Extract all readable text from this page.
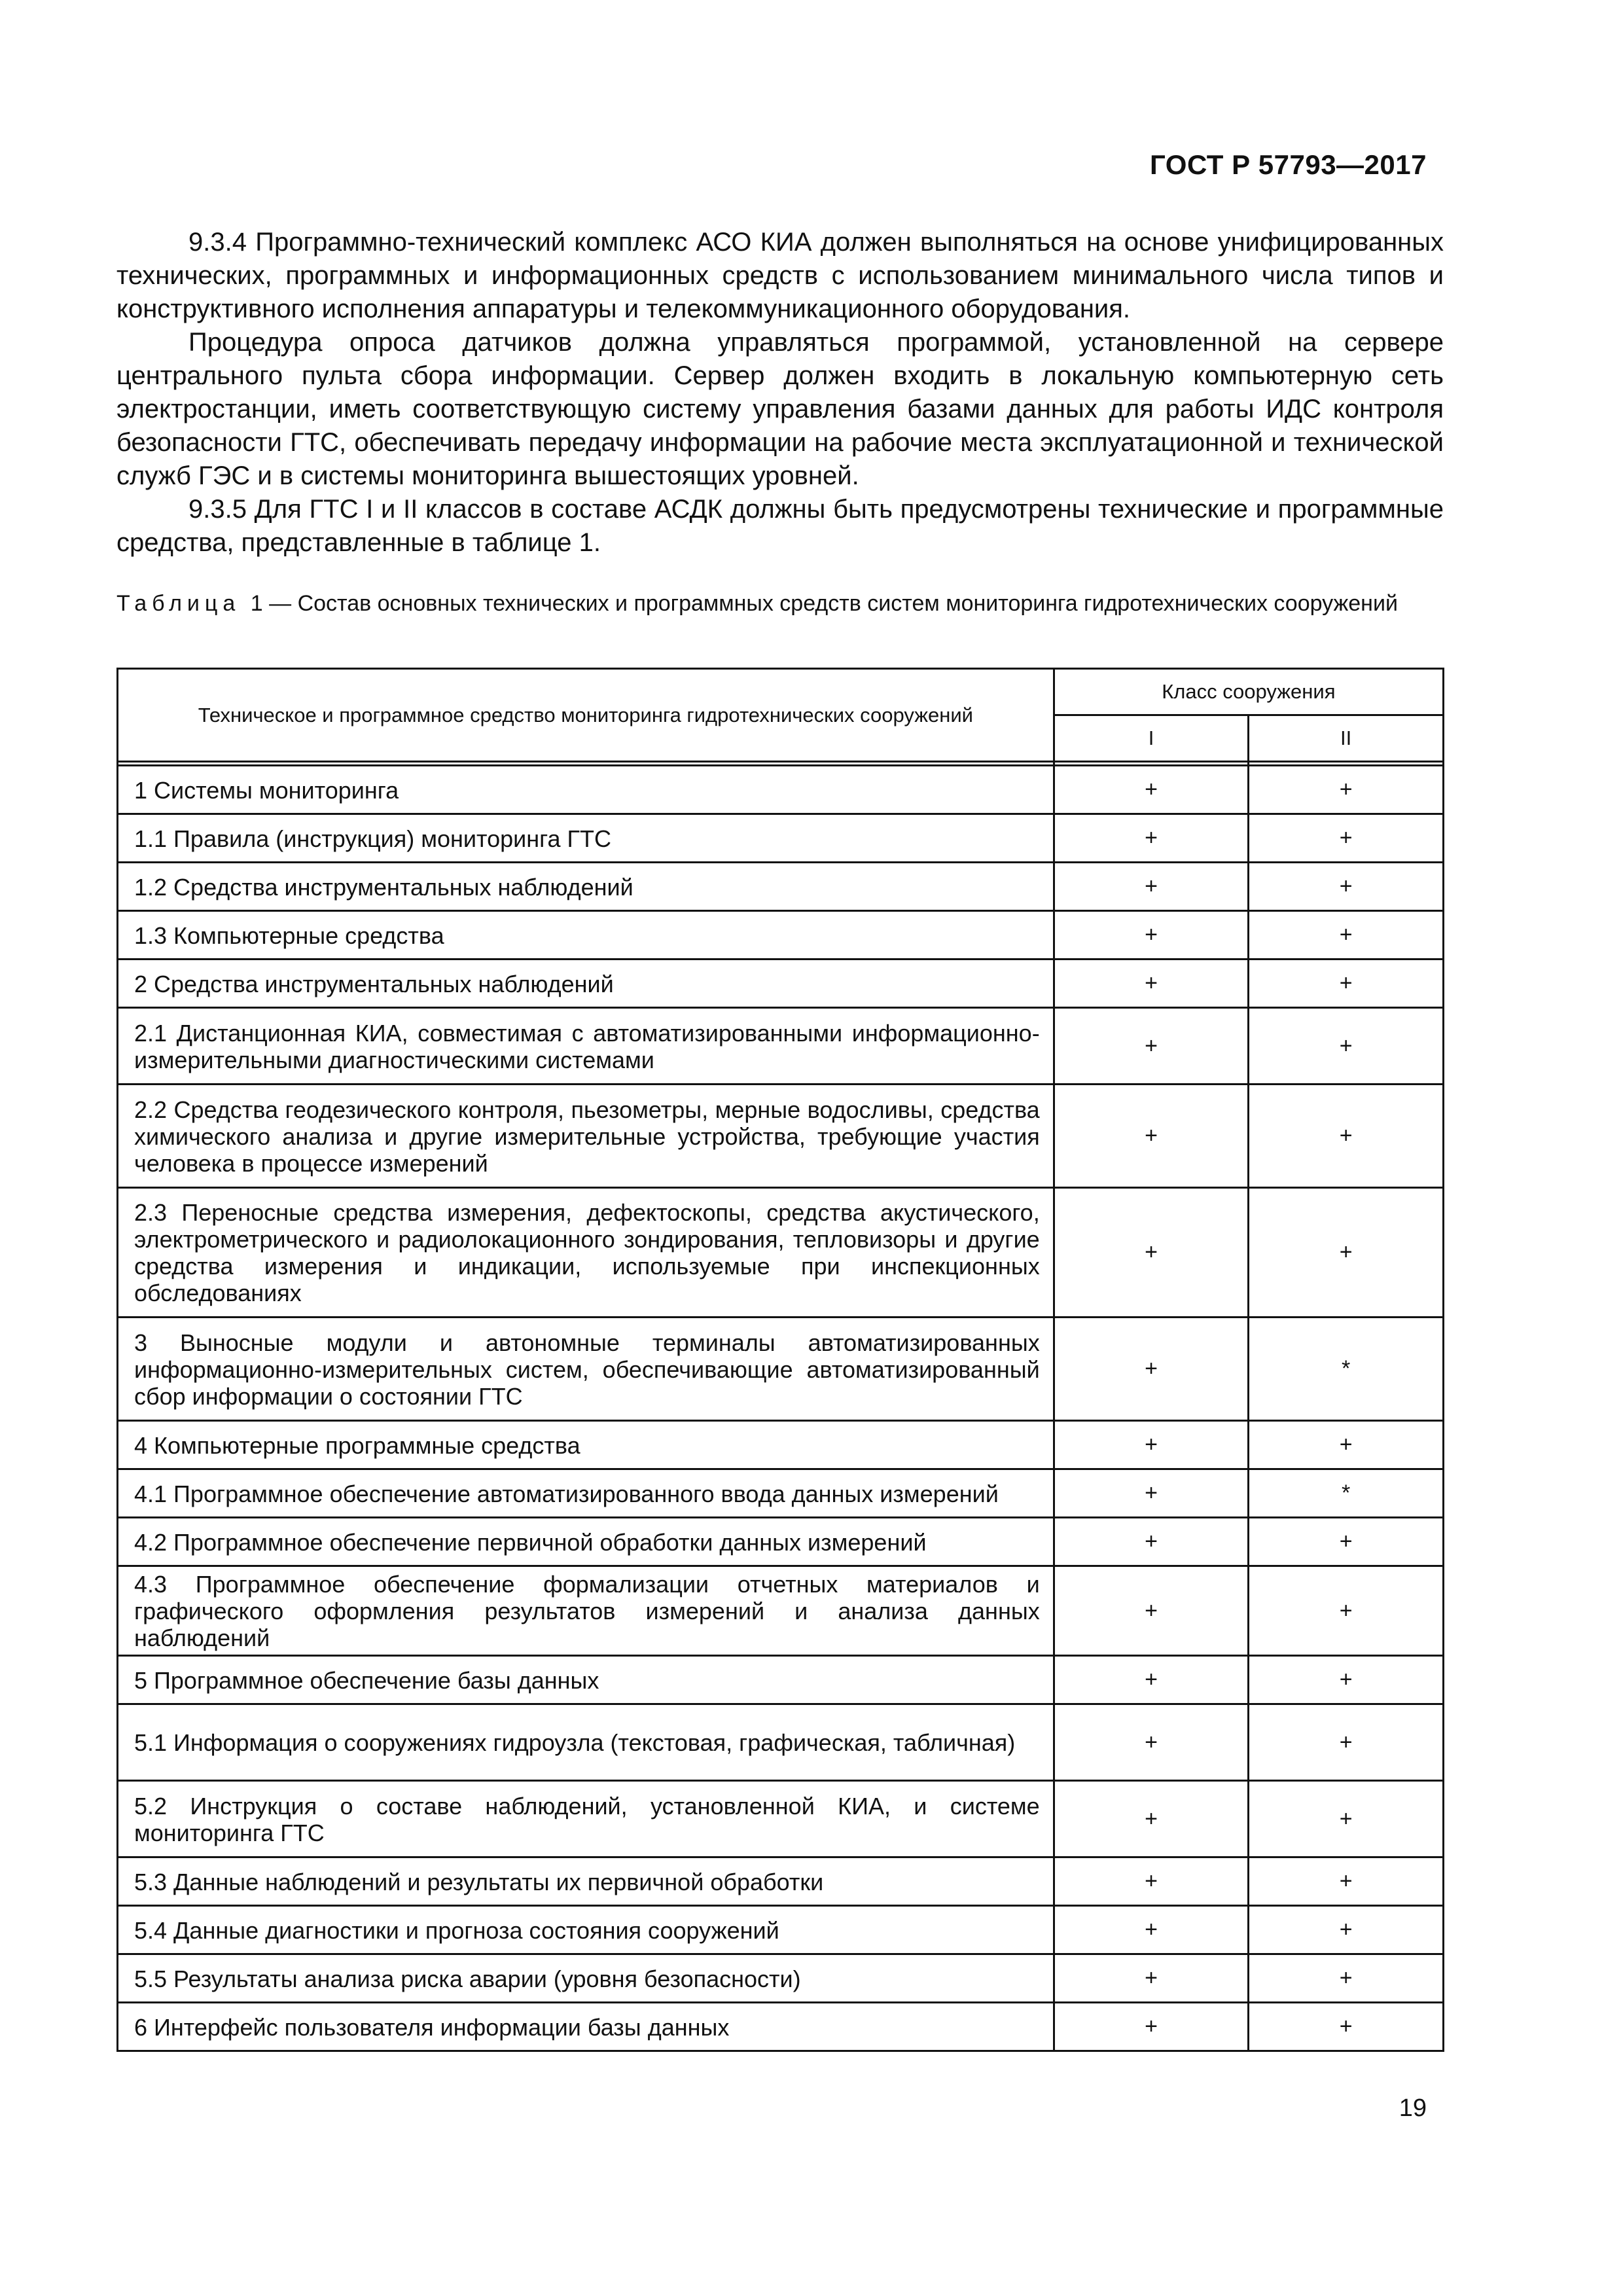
ГОСТ Р 57793—2017

9.3.4 Программно-технический комплекс АСО КИА должен выполняться на основе унифицированных технических, программных и информационных средств с использованием минимального числа типов и конструктивного исполнения аппаратуры и телекоммуникационного оборудования.

Процедура опроса датчиков должна управляться программой, установленной на сервере центрального пульта сбора информации. Сервер должен входить в локальную компьютерную сеть электростанции, иметь соответствующую систему управления базами данных для работы ИДС контроля безопасности ГТС, обеспечивать передачу информации на рабочие места эксплуатационной и технической служб ГЭС и в системы мониторинга вышестоящих уровней.

9.3.5 Для ГТС I и II классов в составе АСДК должны быть предусмотрены технические и программные средства, представленные в таблице 1.

Таблица 1 — Состав основных технических и программных средств систем мониторинга гидротехнических сооружений
Техническое и программное средство мониторинга гидротехнических сооружений	Класс сооружения	
	I	II

1 Системы мониторинга	+	+
1.1 Правила (инструкция) мониторинга ГТС	+	+
1.2 Средства инструментальных наблюдений	+	+
1.3 Компьютерные средства	+	+
2 Средства инструментальных наблюдений	+	+
2.1 Дистанционная КИА, совместимая с автоматизированными информационно-измерительными диагностическими системами	+	+
2.2 Средства геодезического контроля, пьезометры, мерные водосливы, средства химического анализа и другие измерительные устройства, требующие участия человека в процессе измерений	+	+
2.3 Переносные средства измерения, дефектоскопы, средства акустического, электрометрического и радиолокационного зондирования, тепловизоры и другие средства измерения и индикации, используемые при инспекционных обследованиях	+	+
3 Выносные модули и автономные терминалы автоматизированных информационно-измерительных систем, обеспечивающие автоматизированный сбор информации о состоянии ГТС	+	*
4 Компьютерные программные средства	+	+
4.1 Программное обеспечение автоматизированного ввода данных измерений	+	*
4.2 Программное обеспечение первичной обработки данных измерений	+	+
4.3 Программное обеспечение формализации отчетных материалов и графического оформления результатов измерений и анализа данных наблюдений	+	+
5 Программное обеспечение базы данных	+	+
5.1 Информация о сооружениях гидроузла (текстовая, графическая, табличная)	+	+
5.2 Инструкция о составе наблюдений, установленной КИА, и системе мониторинга ГТС	+	+
5.3 Данные наблюдений и результаты их первичной обработки	+	+
5.4 Данные диагностики и прогноза состояния сооружений	+	+
5.5 Результаты анализа риска аварии (уровня безопасности)	+	+
6 Интерфейс пользователя информации базы данных	+	+
19
